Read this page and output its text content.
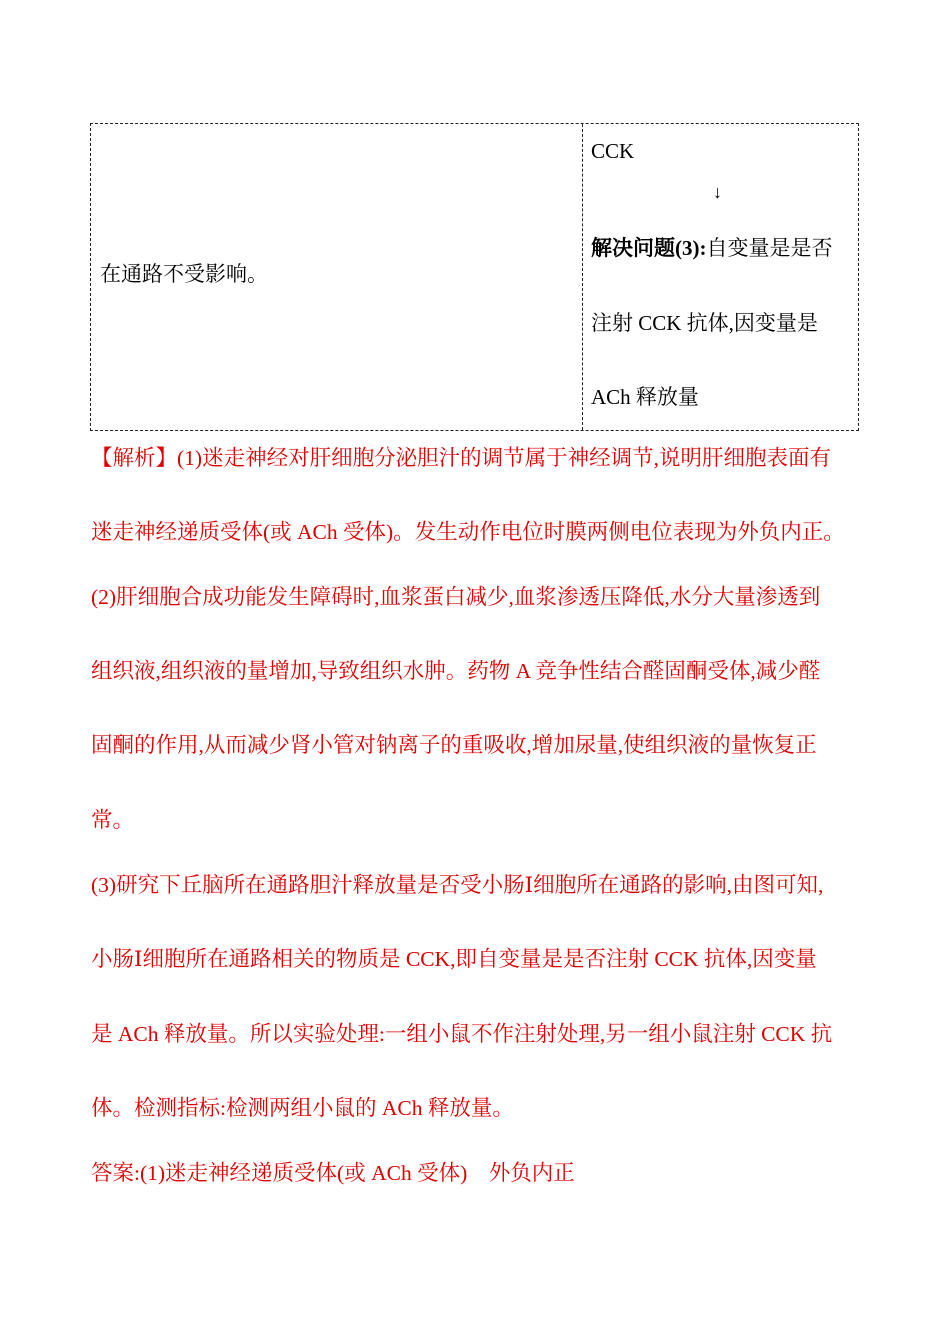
在通路不受影响。
CCK
↓
解决问题(3):自变量是是否
注射 CCK 抗体,因变量是
ACh 释放量
【解析】(1)迷走神经对肝细胞分泌胆汁的调节属于神经调节,说明肝细胞表面有
迷走神经递质受体(或 ACh 受体)。发生动作电位时膜两侧电位表现为外负内正。
(2)肝细胞合成功能发生障碍时,血浆蛋白减少,血浆渗透压降低,水分大量渗透到
组织液,组织液的量增加,导致组织水肿。药物 A 竞争性结合醛固酮受体,减少醛
固酮的作用,从而减少肾小管对钠离子的重吸收,增加尿量,使组织液的量恢复正
常。
(3)研究下丘脑所在通路胆汁释放量是否受小肠Ⅰ细胞所在通路的影响,由图可知,
小肠Ⅰ细胞所在通路相关的物质是 CCK,即自变量是是否注射 CCK 抗体,因变量
是 ACh 释放量。所以实验处理:一组小鼠不作注射处理,另一组小鼠注射 CCK 抗
体。检测指标:检测两组小鼠的 ACh 释放量。
答案:(1)迷走神经递质受体(或 ACh 受体)　外负内正
